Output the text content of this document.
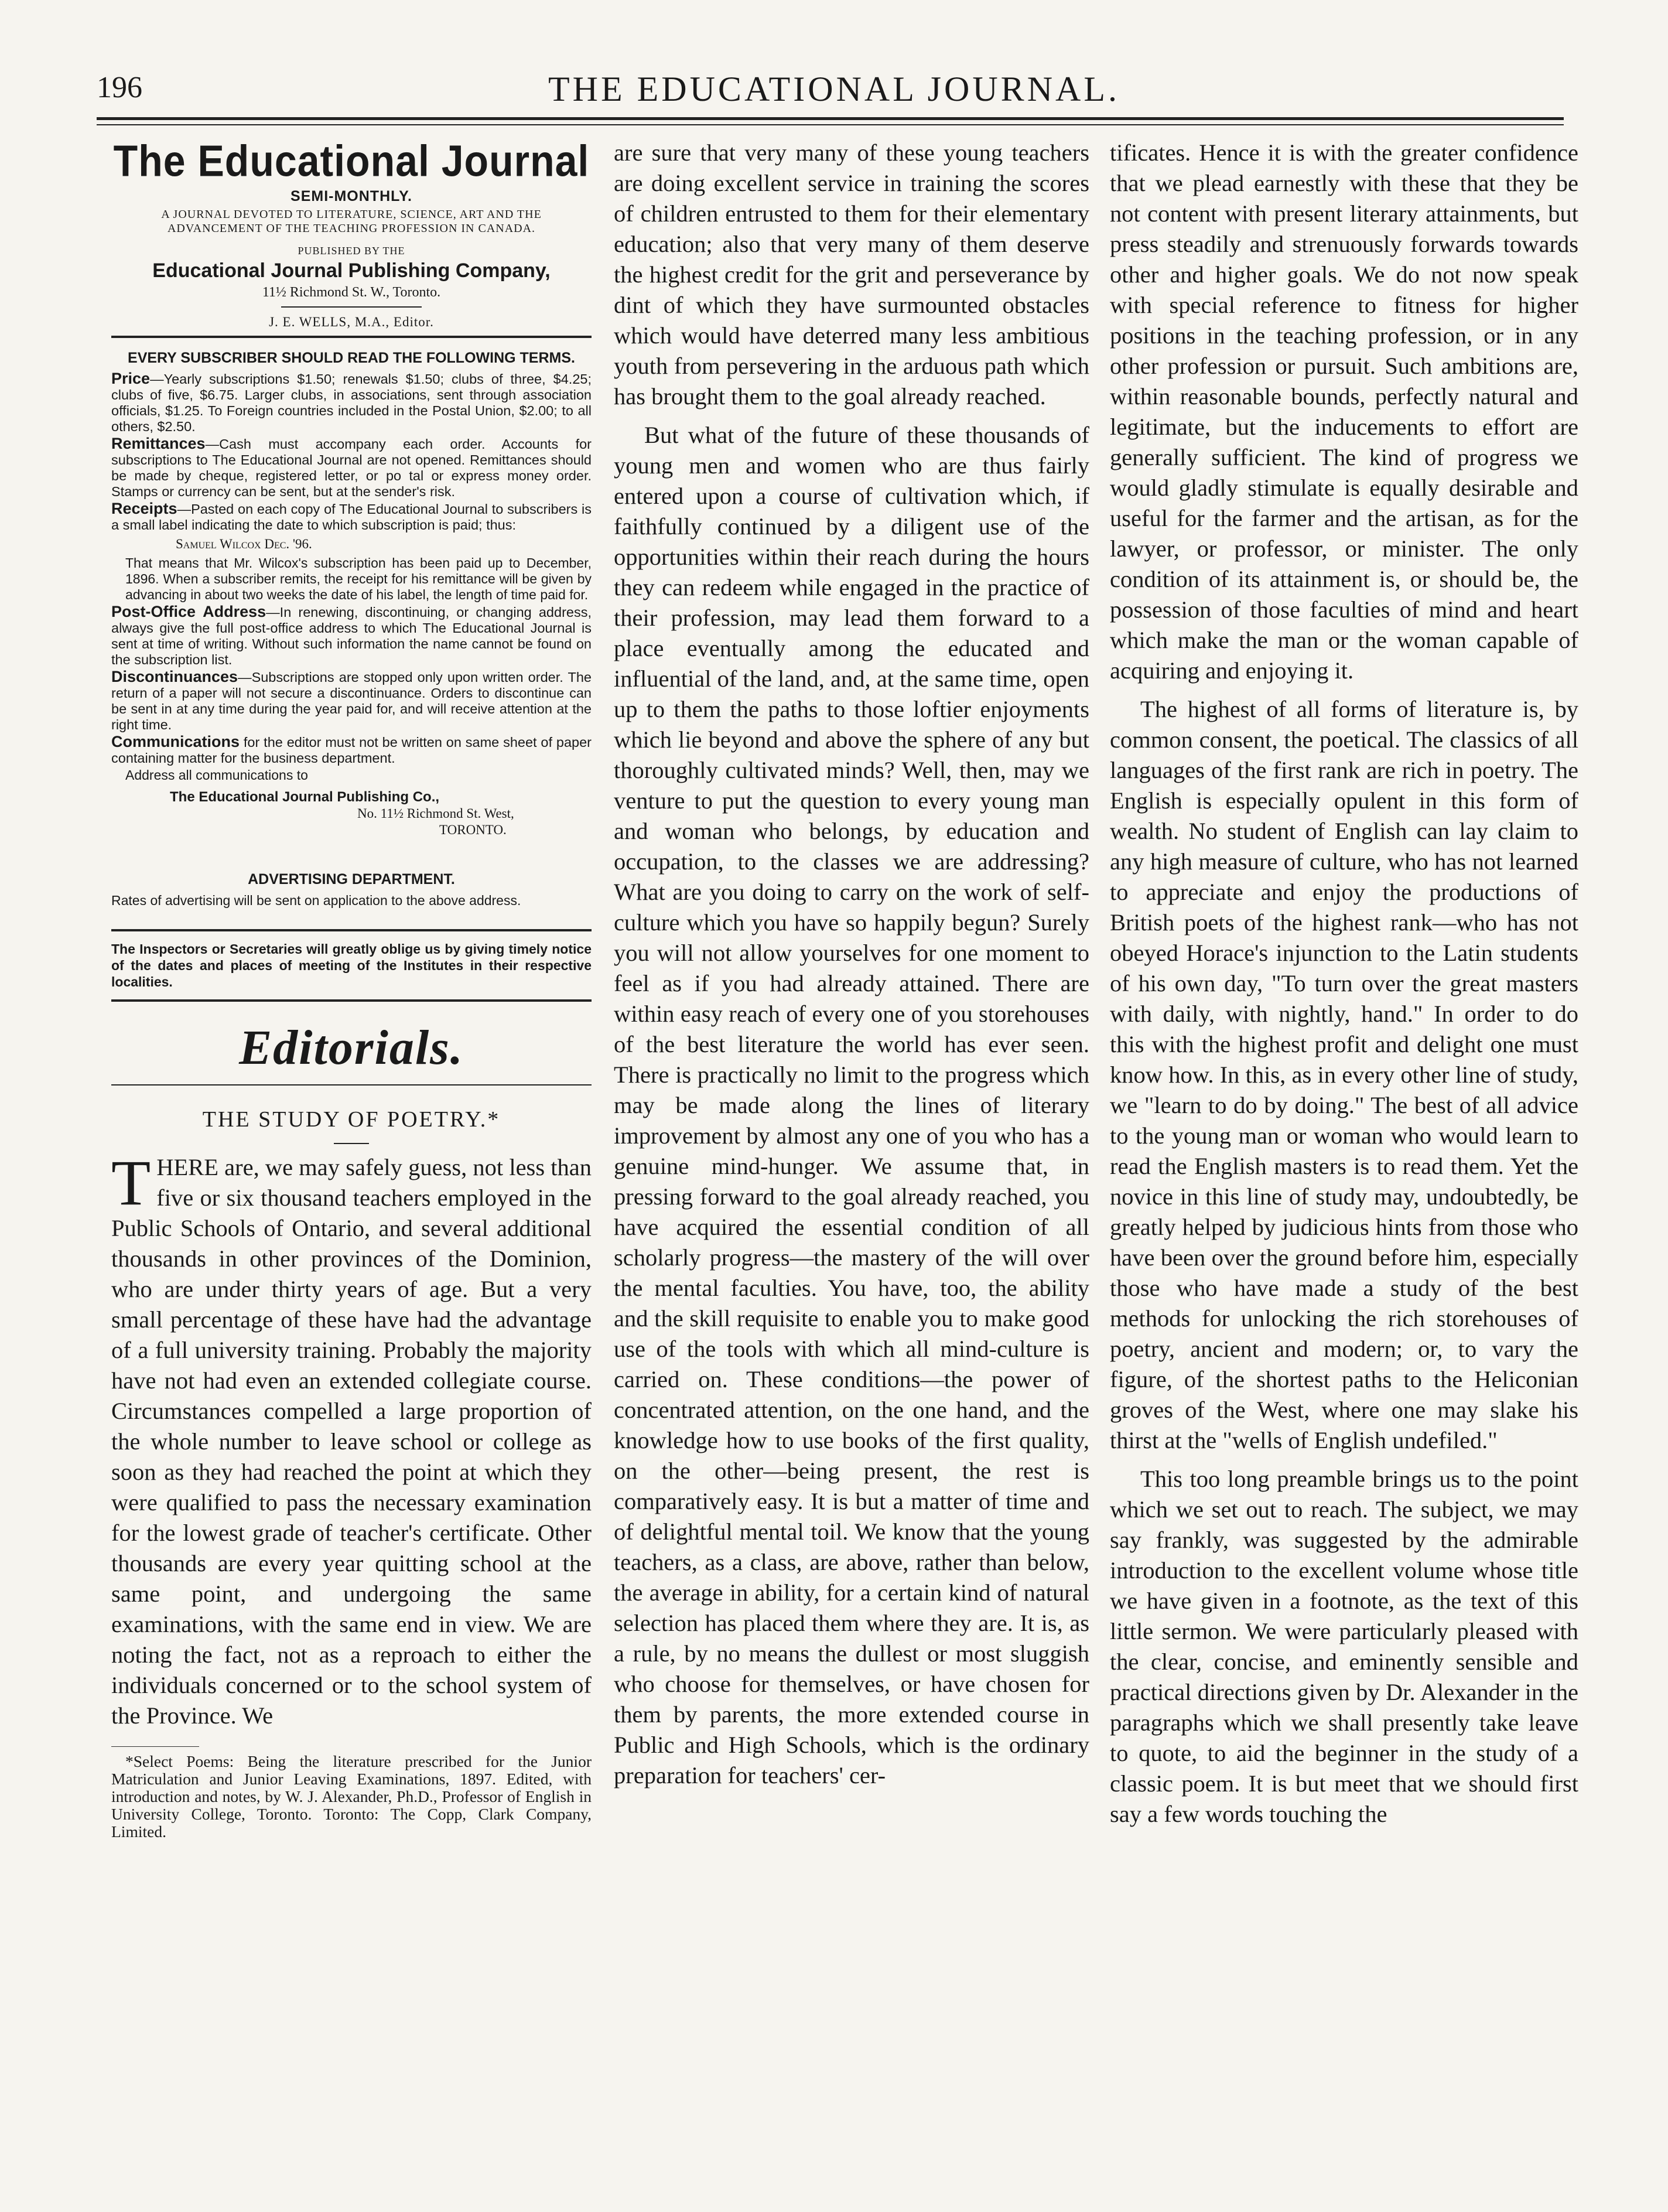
196	THE EDUCATIONAL JOURNAL.
The Educational Journal
SEMI-MONTHLY.
A JOURNAL DEVOTED TO LITERATURE, SCIENCE, ART AND THE ADVANCEMENT OF THE TEACHING PROFESSION IN CANADA.
PUBLISHED BY THE
Educational Journal Publishing Company,
11½ Richmond St. W., Toronto.
J. E. WELLS, M.A., Editor.
EVERY SUBSCRIBER SHOULD READ THE FOLLOWING TERMS.

Price—Yearly subscriptions $1.50; renewals $1.50; clubs of three, $4.25; clubs of five, $6.75. Larger clubs, in associations, sent through association officials, $1.25. To Foreign countries included in the Postal Union, $2.00; to all others, $2.50.

Remittances—Cash must accompany each order. Accounts for subscriptions to The Educational Journal are not opened. Remittances should be made by cheque, registered letter, or po tal or express money order. Stamps or currency can be sent, but at the sender's risk.

Receipts—Pasted on each copy of The Educational Journal to subscribers is a small label indicating the date to which subscription is paid; thus:

Samuel Wilcox Dec. '96.

That means that Mr. Wilcox's subscription has been paid up to December, 1896. When a subscriber remits, the receipt for his remittance will be given by advancing in about two weeks the date of his label, the length of time paid for.

Post-Office Address—In renewing, discontinuing, or changing address, always give the full post-office address to which The Educational Journal is sent at time of writing. Without such information the name cannot be found on the subscription list.

Discontinuances—Subscriptions are stopped only upon written order. The return of a paper will not secure a discontinuance. Orders to discontinue can be sent in at any time during the year paid for, and will receive attention at the right time.

Communications for the editor must not be written on same sheet of paper containing matter for the business department.

Address all communications to

The Educational Journal Publishing Co.,
No. 11½ Richmond St. West,
TORONTO.
ADVERTISING DEPARTMENT.
Rates of advertising will be sent on application to the above address.
The Inspectors or Secretaries will greatly oblige us by giving timely notice of the dates and places of meeting of the Institutes in their respective localities.
Editorials.
THE STUDY OF POETRY.*

THERE are, we may safely guess, not less than five or six thousand teachers employed in the Public Schools of Ontario, and several additional thousands in other provinces of the Dominion, who are under thirty years of age. But a very small percentage of these have had the advantage of a full university training. Probably the majority have not had even an extended collegiate course. Circumstances compelled a large proportion of the whole number to leave school or college as soon as they had reached the point at which they were qualified to pass the necessary examination for the lowest grade of teacher's certificate. Other thousands are every year quitting school at the same point, and undergoing the same examinations, with the same end in view. We are noting the fact, not as a reproach to either the individuals concerned or to the school system of the Province. We

*Select Poems: Being the literature prescribed for the Junior Matriculation and Junior Leaving Examinations, 1897. Edited, with introduction and notes, by W. J. Alexander, Ph.D., Professor of English in University College, Toronto. Toronto: The Copp, Clark Company, Limited.

are sure that very many of these young teachers are doing excellent service in training the scores of children entrusted to them for their elementary education; also that very many of them deserve the highest credit for the grit and perseverance by dint of which they have surmounted obstacles which would have deterred many less ambitious youth from persevering in the arduous path which has brought them to the goal already reached.

But what of the future of these thousands of young men and women who are thus fairly entered upon a course of cultivation which, if faithfully continued by a diligent use of the opportunities within their reach during the hours they can redeem while engaged in the practice of their profession, may lead them forward to a place eventually among the educated and influential of the land, and, at the same time, open up to them the paths to those loftier enjoyments which lie beyond and above the sphere of any but thoroughly cultivated minds? Well, then, may we venture to put the question to every young man and woman who belongs, by education and occupation, to the classes we are addressing? What are you doing to carry on the work of self-culture which you have so happily begun? Surely you will not allow yourselves for one moment to feel as if you had already attained. There are within easy reach of every one of you storehouses of the best literature the world has ever seen. There is practically no limit to the progress which may be made along the lines of literary improvement by almost any one of you who has a genuine mind-hunger. We assume that, in pressing forward to the goal already reached, you have acquired the essential condition of all scholarly progress—the mastery of the will over the mental faculties. You have, too, the ability and the skill requisite to enable you to make good use of the tools with which all mind-culture is carried on. These conditions—the power of concentrated attention, on the one hand, and the knowledge how to use books of the first quality, on the other—being present, the rest is comparatively easy. It is but a matter of time and of delightful mental toil. We know that the young teachers, as a class, are above, rather than below, the average in ability, for a certain kind of natural selection has placed them where they are. It is, as a rule, by no means the dullest or most sluggish who choose for themselves, or have chosen for them by parents, the more extended course in Public and High Schools, which is the ordinary preparation for teachers' cer-

tificates. Hence it is with the greater confidence that we plead earnestly with these that they be not content with present literary attainments, but press steadily and strenuously forwards towards other and higher goals. We do not now speak with special reference to fitness for higher positions in the teaching profession, or in any other profession or pursuit. Such ambitions are, within reasonable bounds, perfectly natural and legitimate, but the inducements to effort are generally sufficient. The kind of progress we would gladly stimulate is equally desirable and useful for the farmer and the artisan, as for the lawyer, or professor, or minister. The only condition of its attainment is, or should be, the possession of those faculties of mind and heart which make the man or the woman capable of acquiring and enjoying it.

The highest of all forms of literature is, by common consent, the poetical. The classics of all languages of the first rank are rich in poetry. The English is especially opulent in this form of wealth. No student of English can lay claim to any high measure of culture, who has not learned to appreciate and enjoy the productions of British poets of the highest rank—who has not obeyed Horace's injunction to the Latin students of his own day, "To turn over the great masters with daily, with nightly, hand." In order to do this with the highest profit and delight one must know how. In this, as in every other line of study, we "learn to do by doing." The best of all advice to the young man or woman who would learn to read the English masters is to read them. Yet the novice in this line of study may, undoubtedly, be greatly helped by judicious hints from those who have been over the ground before him, especially those who have made a study of the best methods for unlocking the rich storehouses of poetry, ancient and modern; or, to vary the figure, of the shortest paths to the Heliconian groves of the West, where one may slake his thirst at the "wells of English undefiled."

This too long preamble brings us to the point which we set out to reach. The subject, we may say frankly, was suggested by the admirable introduction to the excellent volume whose title we have given in a footnote, as the text of this little sermon. We were particularly pleased with the clear, concise, and eminently sensible and practical directions given by Dr. Alexander in the paragraphs which we shall presently take leave to quote, to aid the beginner in the study of a classic poem. It is but meet that we should first say a few words touching the
